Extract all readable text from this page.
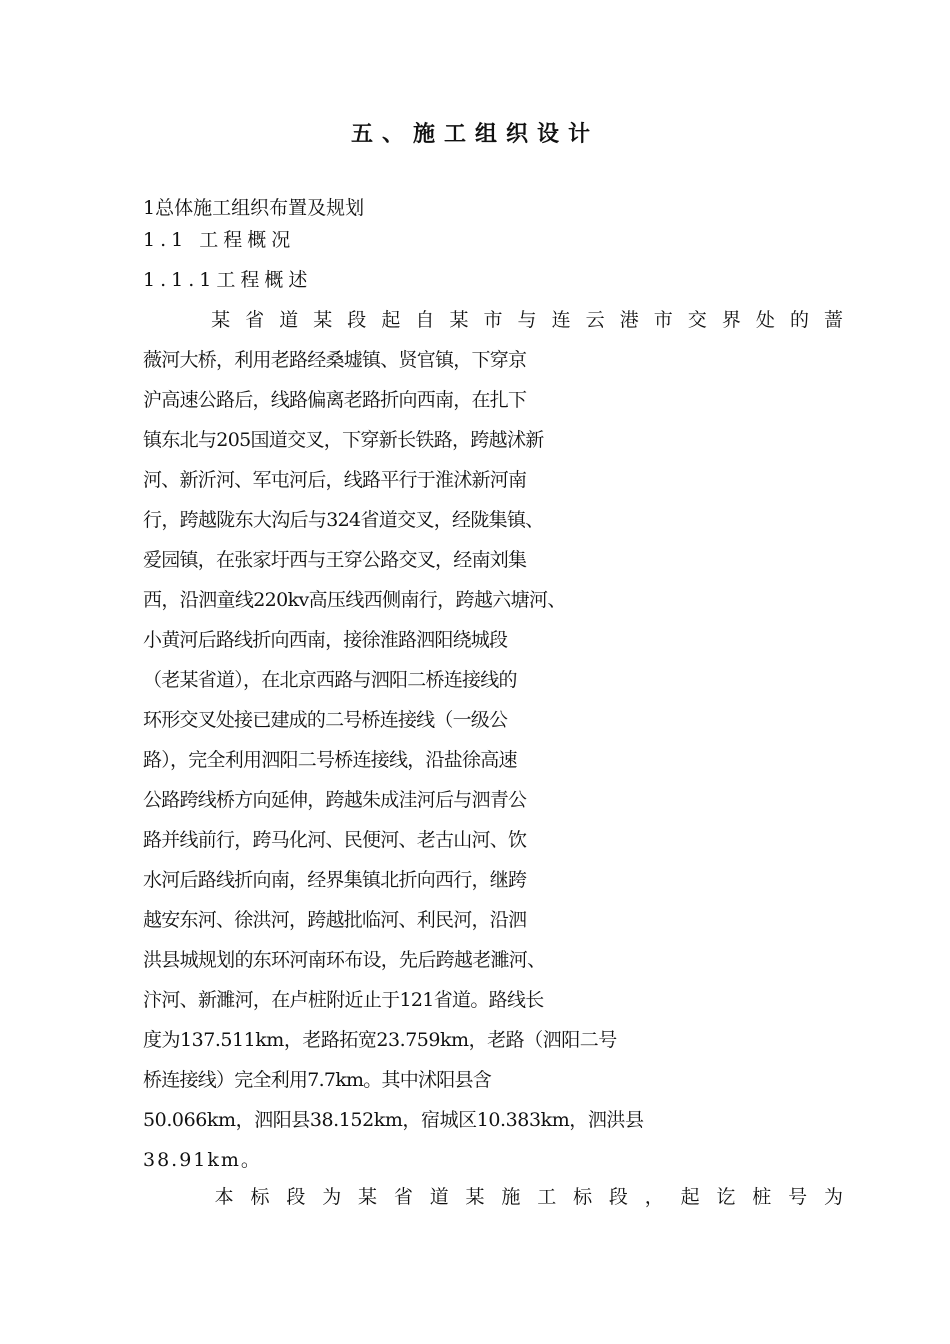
五、施工组织设计
1总体施工组织布置及规划
1.1 工程概况
1.1.1工程概述
　　某省道某段起自某市与连云港市交界处的蔷
薇河大桥，利用老路经桑墟镇、贤官镇，下穿京
沪高速公路后，线路偏离老路折向西南，在扎下
镇东北与205国道交叉，下穿新长铁路，跨越沭新
河、新沂河、军屯河后，线路平行于淮沭新河南
行，跨越陇东大沟后与324省道交叉，经陇集镇、
爱园镇，在张家圩西与王穿公路交叉，经南刘集
西，沿泗童线220kv高压线西侧南行，跨越六塘河、
小黄河后路线折向西南，接徐淮路泗阳绕城段
（老某省道），在北京西路与泗阳二桥连接线的
环形交叉处接已建成的二号桥连接线（一级公
路），完全利用泗阳二号桥连接线，沿盐徐高速
公路跨线桥方向延伸，跨越朱成洼河后与泗青公
路并线前行，跨马化河、民便河、老古山河、饮
水河后路线折向南，经界集镇北折向西行，继跨
越安东河、徐洪河，跨越批临河、利民河，沿泗
洪县城规划的东环河南环布设，先后跨越老濉河、
汴河、新濉河，在卢桩附近止于121省道。路线长
度为137.511km，老路拓宽23.759km，老路（泗阳二号
桥连接线）完全利用7.7km。其中沭阳县含
50.066km，泗阳县38.152km，宿城区10.383km，泗洪县
38.91km。
　　本标段为某省道某施工标段，起讫桩号为
